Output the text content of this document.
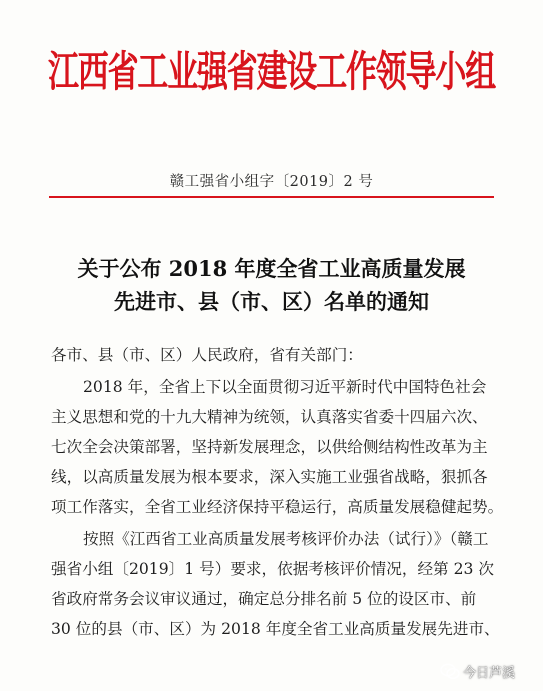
江西省工业强省建设工作领导小组
赣工强省小组字〔2019〕2 号
关于公布 2018 年度全省工业高质量发展
先进市、县（市、区）名单的通知
各市、县（市、区）人民政府，省有关部门：
2018 年，全省上下以全面贯彻习近平新时代中国特色社会
主义思想和党的十九大精神为统领，认真落实省委十四届六次、
七次全会决策部署，坚持新发展理念，以供给侧结构性改革为主
线，以高质量发展为根本要求，深入实施工业强省战略，狠抓各
项工作落实，全省工业经济保持平稳运行，高质量发展稳健起势。
按照《江西省工业高质量发展考核评价办法（试行）》（赣工
强省小组〔2019〕1 号）要求，依据考核评价情况，经第 23 次
省政府常务会议审议通过，确定总分排名前 5 位的设区市、前
30 位的县（市、区）为 2018 年度全省工业高质量发展先进市、
今日芦溪
